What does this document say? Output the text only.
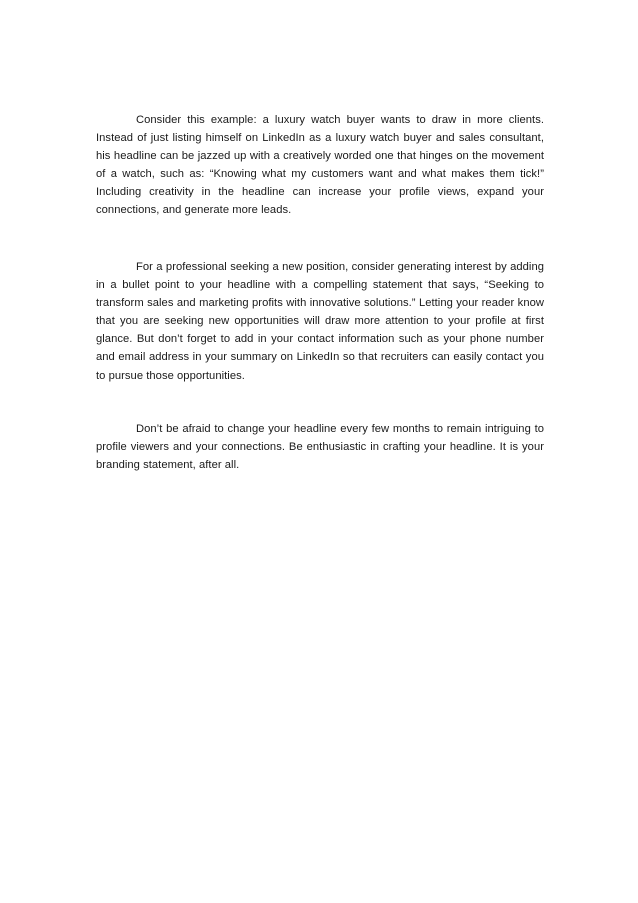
Consider this example: a luxury watch buyer wants to draw in more clients. Instead of just listing himself on LinkedIn as a luxury watch buyer and sales consultant, his headline can be jazzed up with a creatively worded one that hinges on the movement of a watch, such as: “Knowing what my customers want and what makes them tick!” Including creativity in the headline can increase your profile views, expand your connections, and generate more leads.

For a professional seeking a new position, consider generating interest by adding in a bullet point to your headline with a compelling statement that says, “Seeking to transform sales and marketing profits with innovative solutions.” Letting your reader know that you are seeking new opportunities will draw more attention to your profile at first glance. But don’t forget to add in your contact information such as your phone number and email address in your summary on LinkedIn so that recruiters can easily contact you to pursue those opportunities.

Don’t be afraid to change your headline every few months to remain intriguing to profile viewers and your connections. Be enthusiastic in crafting your headline. It is your branding statement, after all.
